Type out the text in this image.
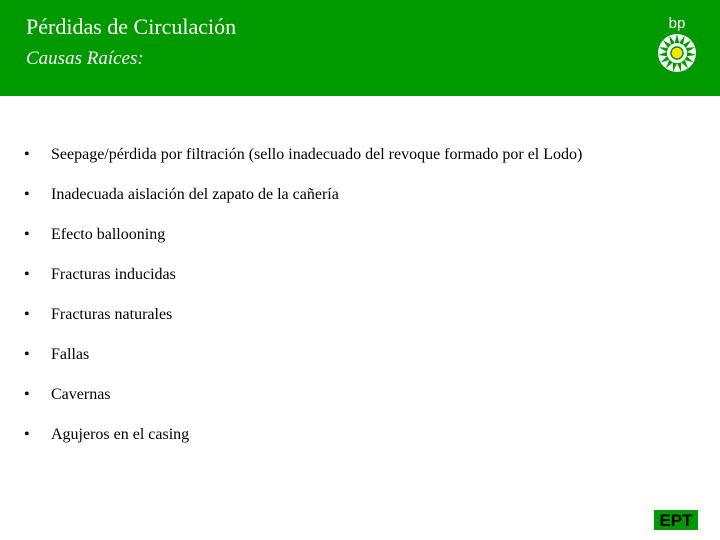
Pérdidas de Circulación
Causas Raíces:
bp
• Seepage/pérdida por filtración (sello inadecuado del revoque formado por el Lodo)
• Inadecuada aislación del zapato de la cañería
• Efecto ballooning
• Fracturas inducidas
• Fracturas naturales
• Fallas
• Cavernas
• Agujeros en el casing
EPT
